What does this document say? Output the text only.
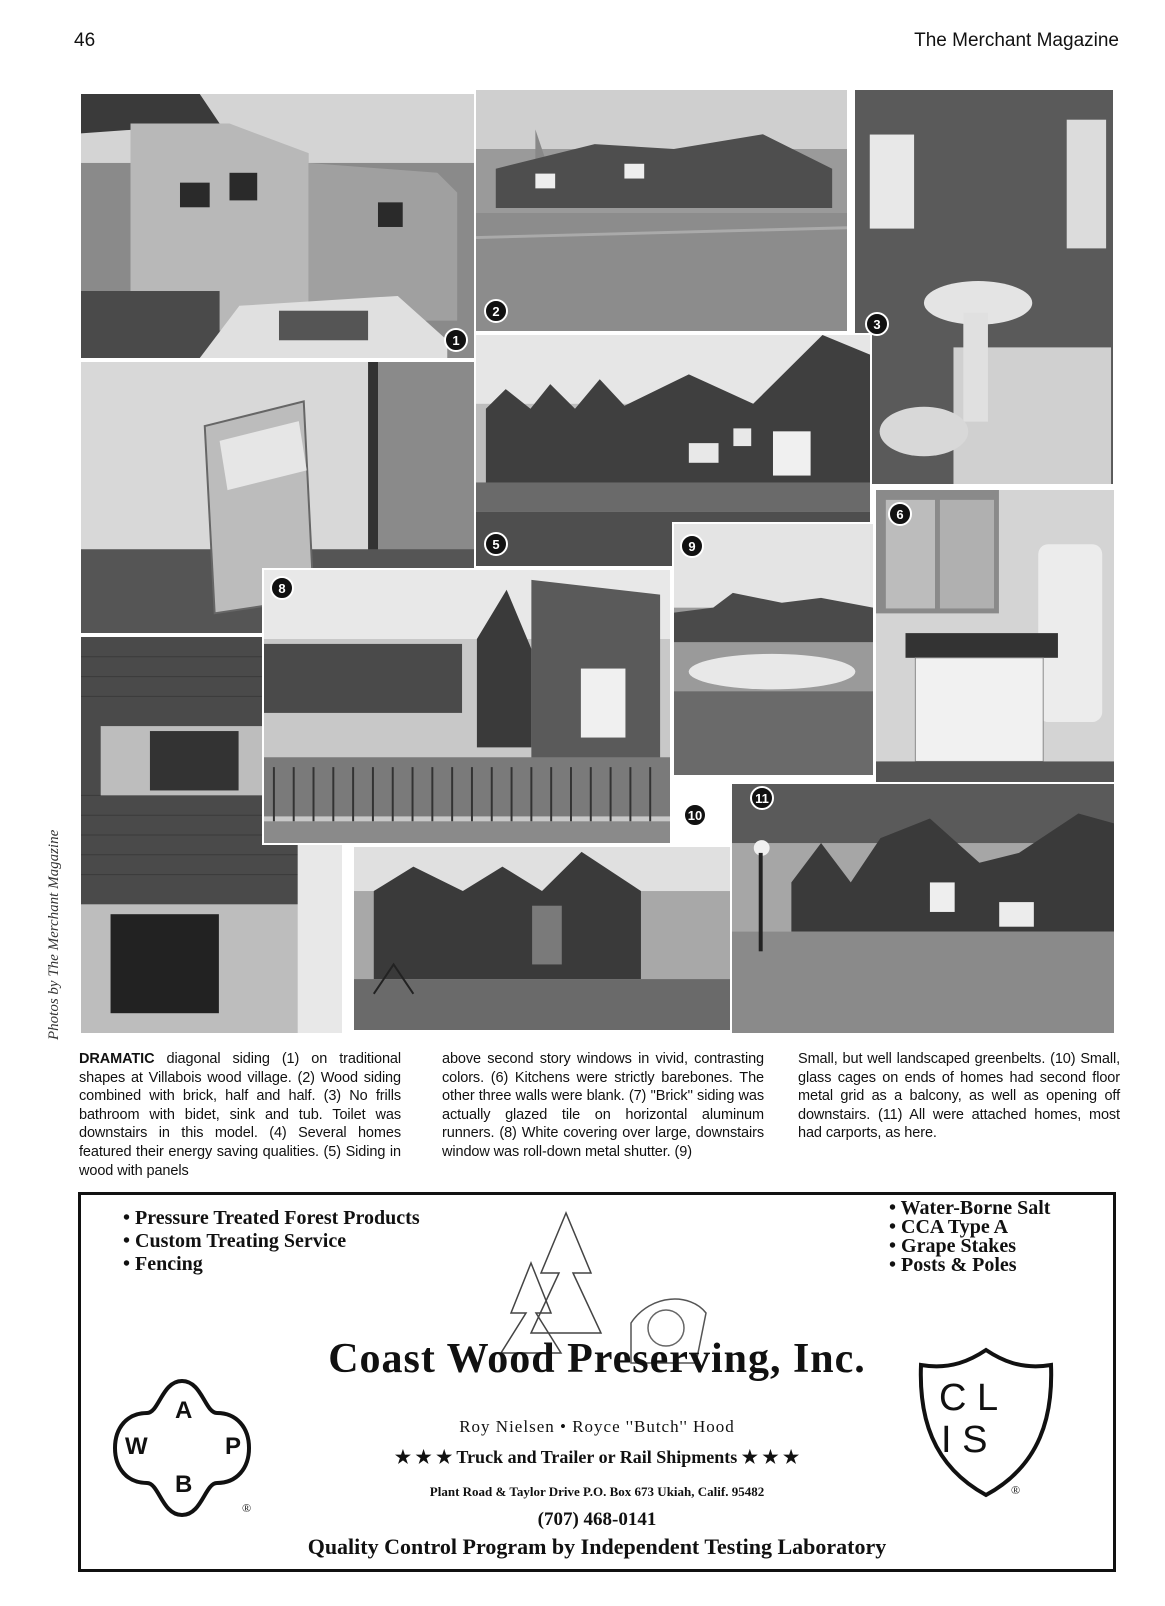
46	The Merchant Magazine
Photos by The Merchant Magazine
1
2
3
5
6
8
9
11
10
DRAMATIC diagonal siding (1) on traditional shapes at Villabois wood village. (2) Wood siding combined with brick, half and half. (3) No frills bathroom with bidet, sink and tub. Toilet was downstairs in this model. (4) Several homes featured their energy saving qualities. (5) Siding in wood with panels
above second story windows in vivid, contrasting colors. (6) Kitchens were strictly barebones. The other three walls were blank. (7) ''Brick'' siding was actually glazed tile on horizontal aluminum runners. (8) White covering over large, downstairs window was roll-down metal shutter. (9)
Small, but well landscaped greenbelts. (10) Small, glass cages on ends of homes had second floor metal grid as a balcony, as well as opening off downstairs. (11) All were attached homes, most had carports, as here.
• Pressure Treated Forest Products
• Custom Treating Service
• Fencing
• Water-Borne Salt
• CCA Type A
• Grape Stakes
• Posts & Poles
Coast Wood Preserving, Inc.
Roy Nielsen • Royce ''Butch'' Hood
★ ★ ★ Truck and Trailer or Rail Shipments ★ ★ ★
Plant Road & Taylor Drive P.O. Box 673 Ukiah, Calif. 95482
(707) 468-0141
Quality Control Program by Independent Testing Laboratory
A
W	P
B
®
C L
I S
®
